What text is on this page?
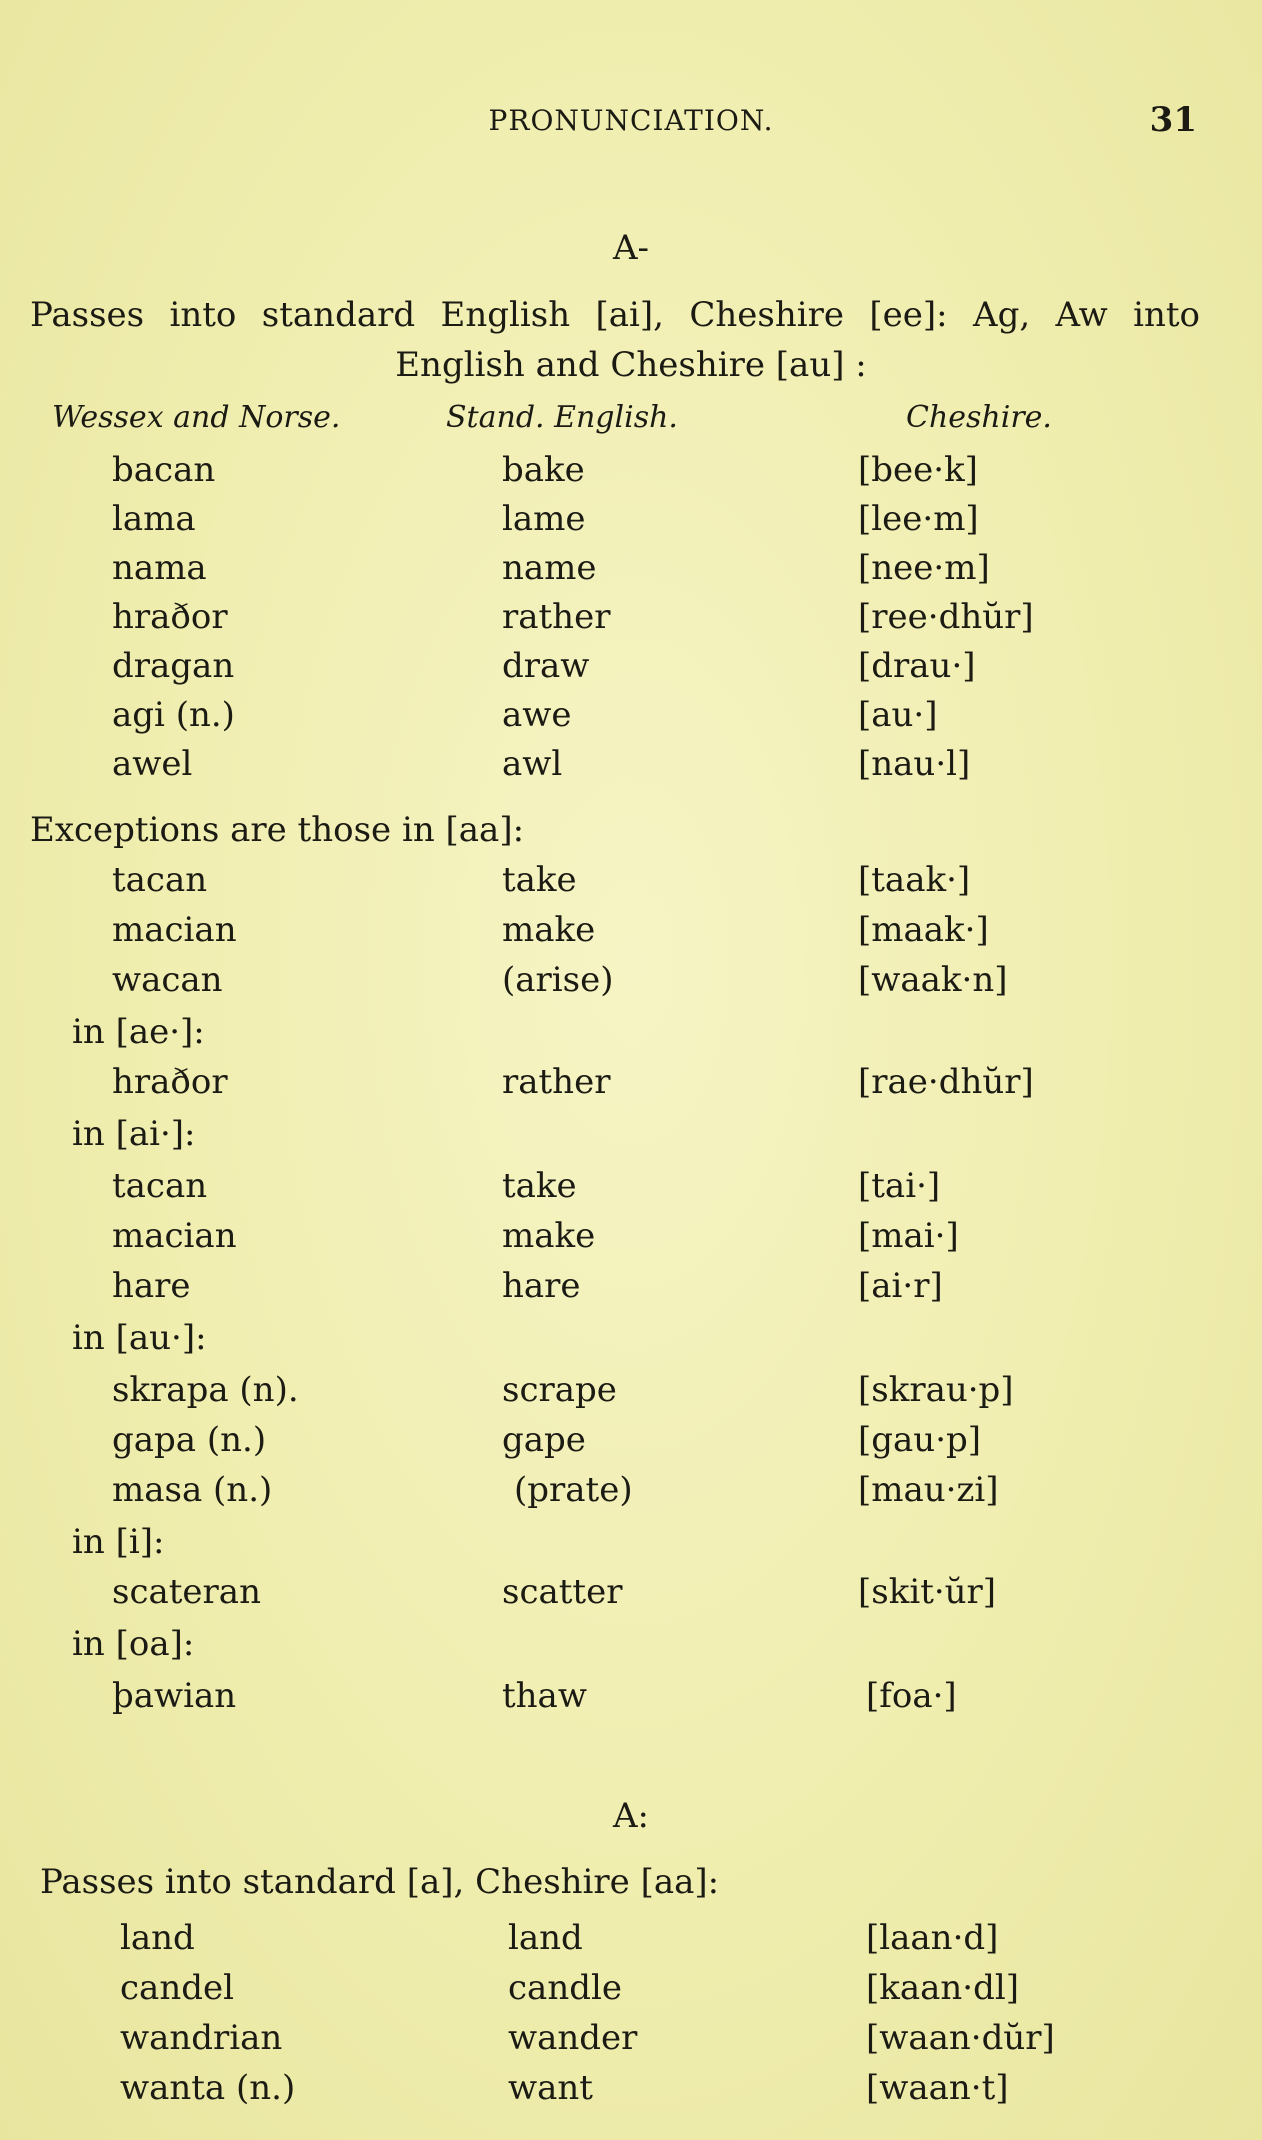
PRONUNCIATION.	31
A-
Passes into standard English [ai], Cheshire [ee]: Ag, Aw into
English and Cheshire [au] :
Wessex and Norse.	Stand. English.	Cheshire.
bacan	bake	[bee·k]
lama	lame	[lee·m]
nama	name	[nee·m]
hraðor	rather	[ree·dhŭr]
dragan	draw	[drau·]
agi (n.)	awe	[au·]
awel	awl	[nau·l]
Exceptions are those in [aa]:
tacan	take	[taak·]
macian	make	[maak·]
wacan	(arise)	[waak·n]
in [ae·]:
hraðor	rather	[rae·dhŭr]
in [ai·]:
tacan	take	[tai·]
macian	make	[mai·]
hare	hare	[ai·r]
in [au·]:
skrapa (n).	scrape	[skrau·p]
gapa (n.)	gape	[gau·p]
masa (n.)	(prate)	[mau·zi]
in [i]:
scateran	scatter	[skit·ŭr]
in [oa]:
þawian	thaw	[foa·]
A:
Passes into standard [a], Cheshire [aa]:
land	land	[laan·d]
candel	candle	[kaan·dl]
wandrian	wander	[waan·dŭr]
wanta (n.)	want	[waan·t]
